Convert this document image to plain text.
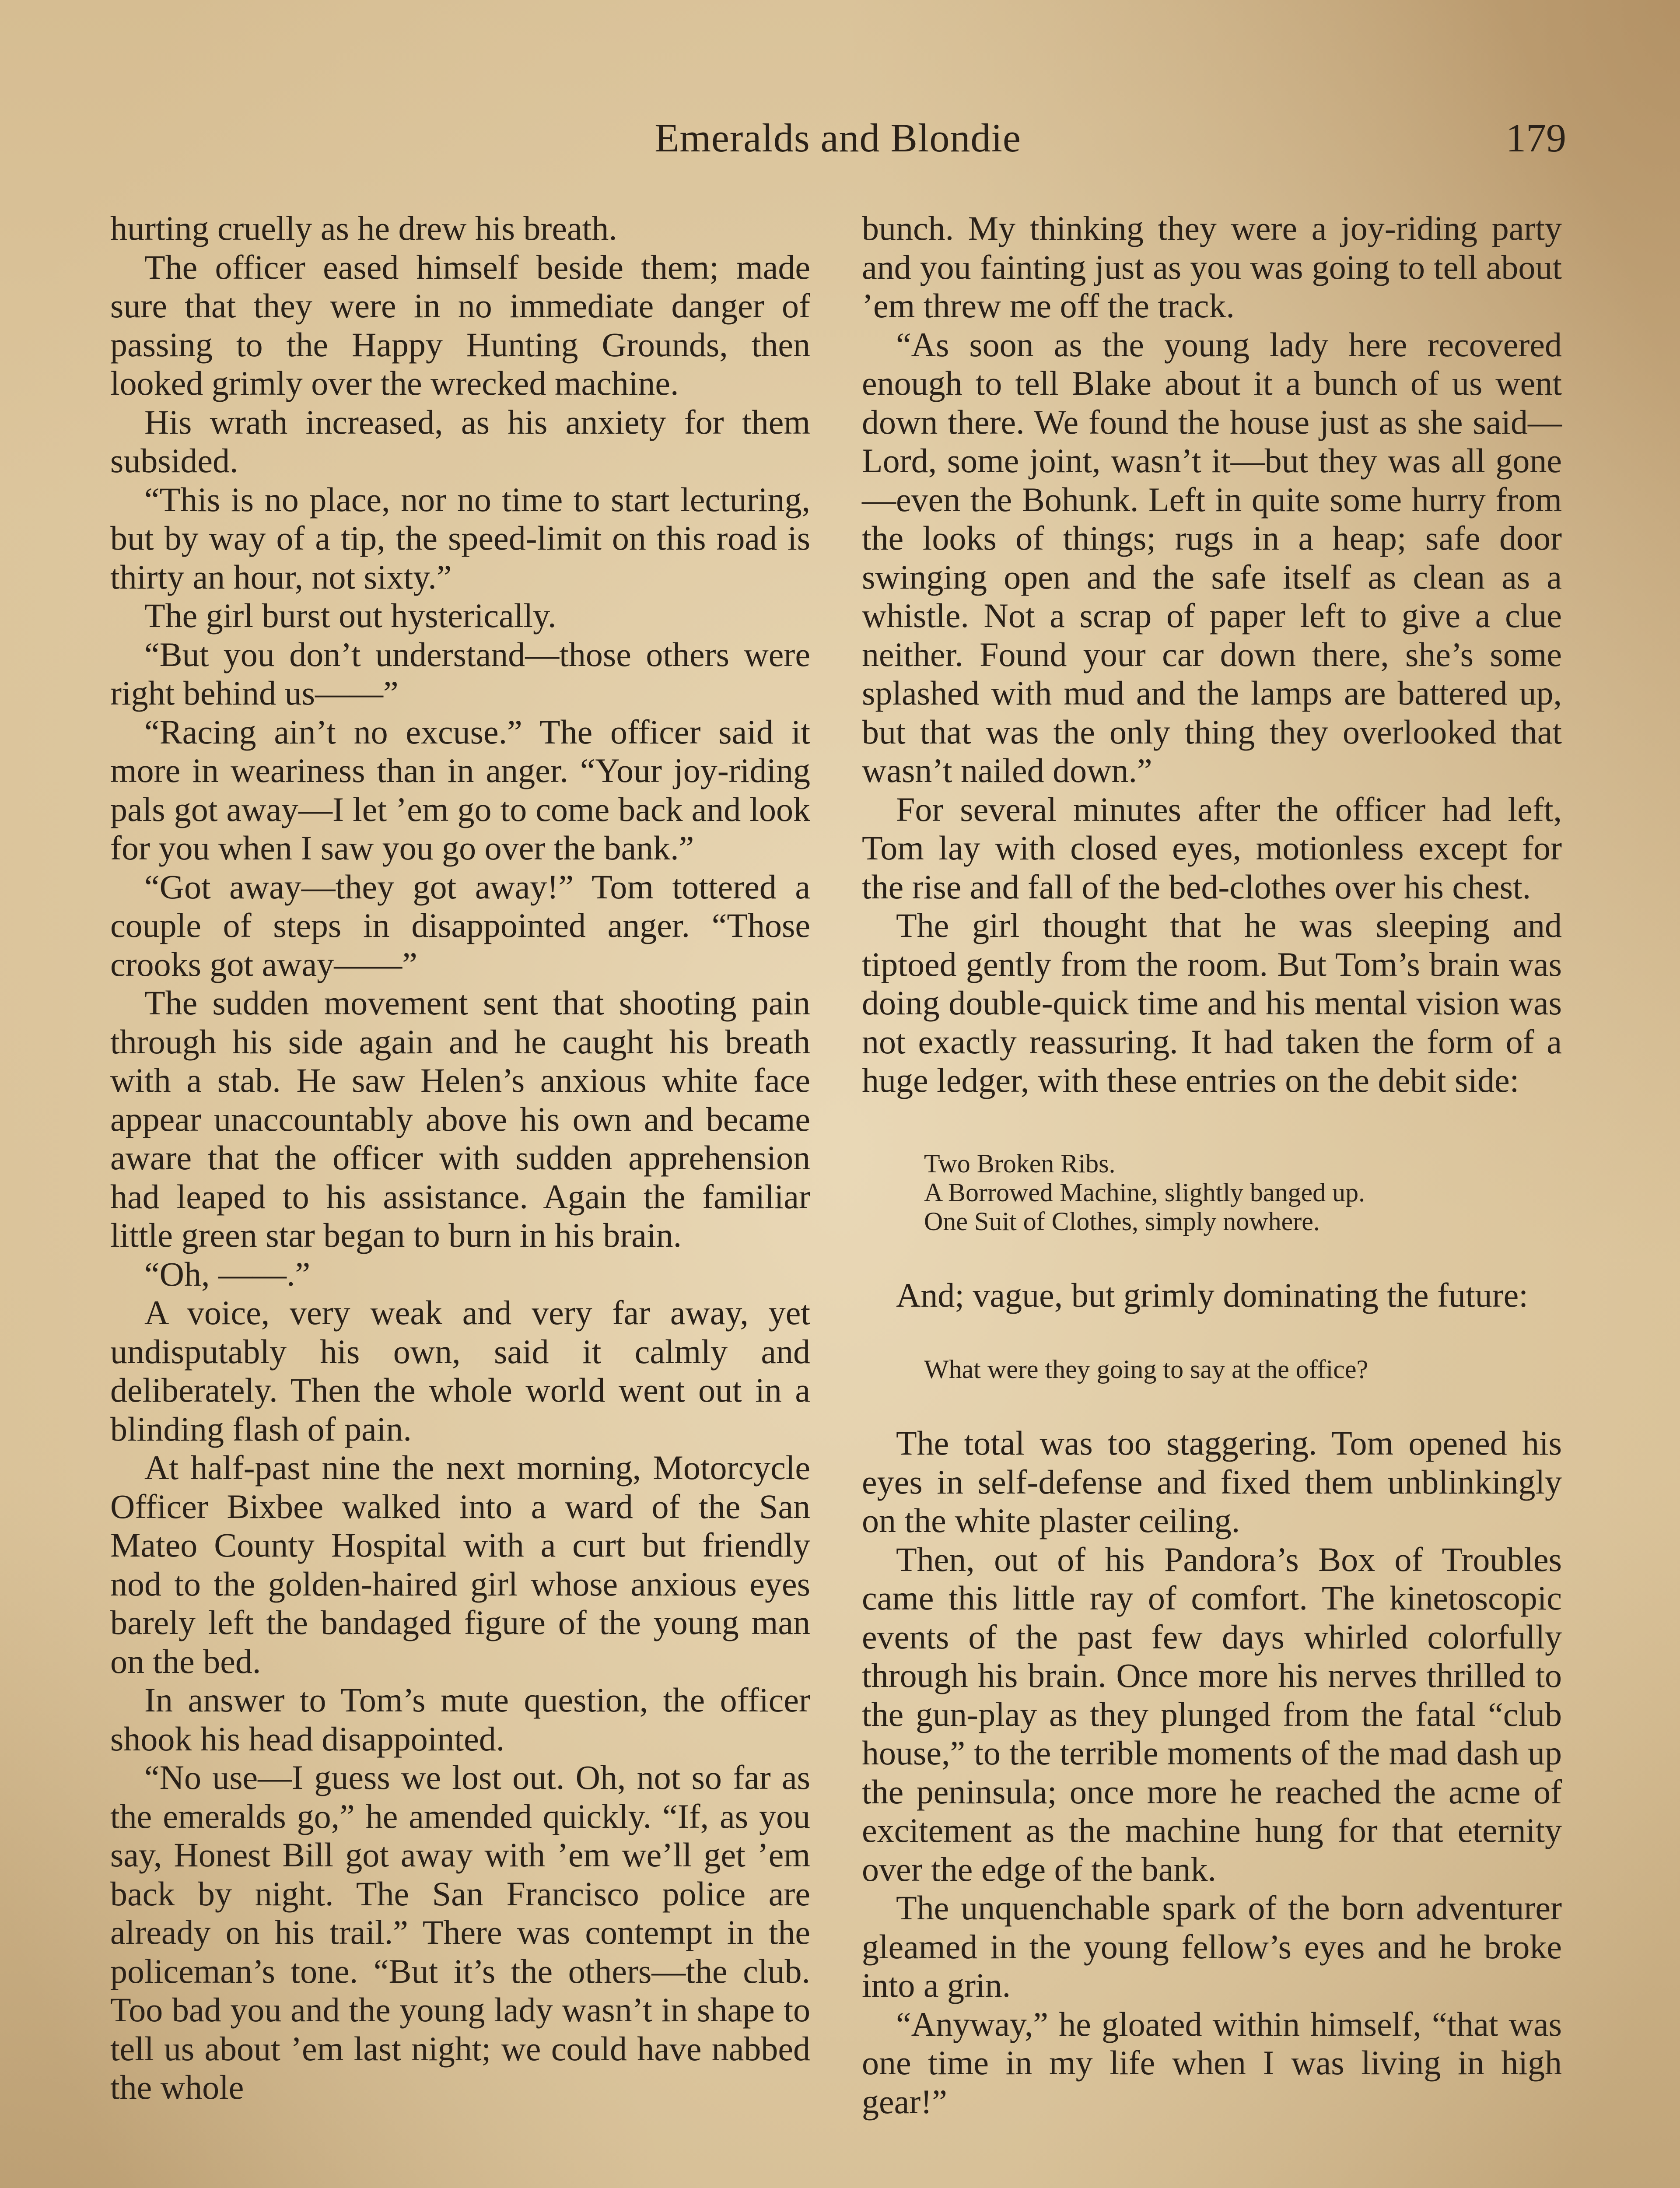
Emeralds and Blondie	179

hurting cruelly as he drew his breath.

The officer eased himself beside them; made sure that they were in no immediate danger of passing to the Happy Hunting Grounds, then looked grimly over the wrecked machine.

His wrath increased, as his anxiety for them subsided.

“This is no place, nor no time to start lecturing, but by way of a tip, the speed-limit on this road is thirty an hour, not sixty.”

The girl burst out hysterically.

“But you don’t understand—those others were right behind us——”

“Racing ain’t no excuse.” The officer said it more in weariness than in anger. “Your joy-riding pals got away—I let ’em go to come back and look for you when I saw you go over the bank.”

“Got away—they got away!” Tom tottered a couple of steps in disappointed anger. “Those crooks got away——”

The sudden movement sent that shooting pain through his side again and he caught his breath with a stab. He saw Helen’s anxious white face appear unaccountably above his own and became aware that the officer with sudden apprehension had leaped to his assistance. Again the familiar little green star began to burn in his brain.

“Oh, ——.”

A voice, very weak and very far away, yet undisputably his own, said it calmly and deliberately. Then the whole world went out in a blinding flash of pain.

At half-past nine the next morning, Motorcycle Officer Bixbee walked into a ward of the San Mateo County Hospital with a curt but friendly nod to the golden-haired girl whose anxious eyes barely left the bandaged figure of the young man on the bed.

In answer to Tom’s mute question, the officer shook his head disappointed.

“No use—I guess we lost out. Oh, not so far as the emeralds go,” he amended quickly. “If, as you say, Honest Bill got away with ’em we’ll get ’em back by night. The San Francisco police are already on his trail.” There was contempt in the policeman’s tone. “But it’s the others—the club. Too bad you and the young lady wasn’t in shape to tell us about ’em last night; we could have nabbed the whole

bunch. My thinking they were a joy-riding party and you fainting just as you was going to tell about ’em threw me off the track.

“As soon as the young lady here recovered enough to tell Blake about it a bunch of us went down there. We found the house just as she said—Lord, some joint, wasn’t it—but they was all gone—even the Bohunk. Left in quite some hurry from the looks of things; rugs in a heap; safe door swinging open and the safe itself as clean as a whistle. Not a scrap of paper left to give a clue neither. Found your car down there, she’s some splashed with mud and the lamps are battered up, but that was the only thing they overlooked that wasn’t nailed down.”

For several minutes after the officer had left, Tom lay with closed eyes, motionless except for the rise and fall of the bed-clothes over his chest.

The girl thought that he was sleeping and tiptoed gently from the room. But Tom’s brain was doing double-quick time and his mental vision was not exactly reassuring. It had taken the form of a huge ledger, with these entries on the debit side:

Two Broken Ribs.
A Borrowed Machine, slightly banged up.
One Suit of Clothes, simply nowhere.

And; vague, but grimly dominating the future:

What were they going to say at the office?

The total was too staggering. Tom opened his eyes in self-defense and fixed them unblinkingly on the white plaster ceiling.

Then, out of his Pandora’s Box of Troubles came this little ray of comfort. The kinetoscopic events of the past few days whirled colorfully through his brain. Once more his nerves thrilled to the gun-play as they plunged from the fatal “club house,” to the terrible moments of the mad dash up the peninsula; once more he reached the acme of excitement as the machine hung for that eternity over the edge of the bank.

The unquenchable spark of the born adventurer gleamed in the young fellow’s eyes and he broke into a grin.

“Anyway,” he gloated within himself, “that was one time in my life when I was living in high gear!”
